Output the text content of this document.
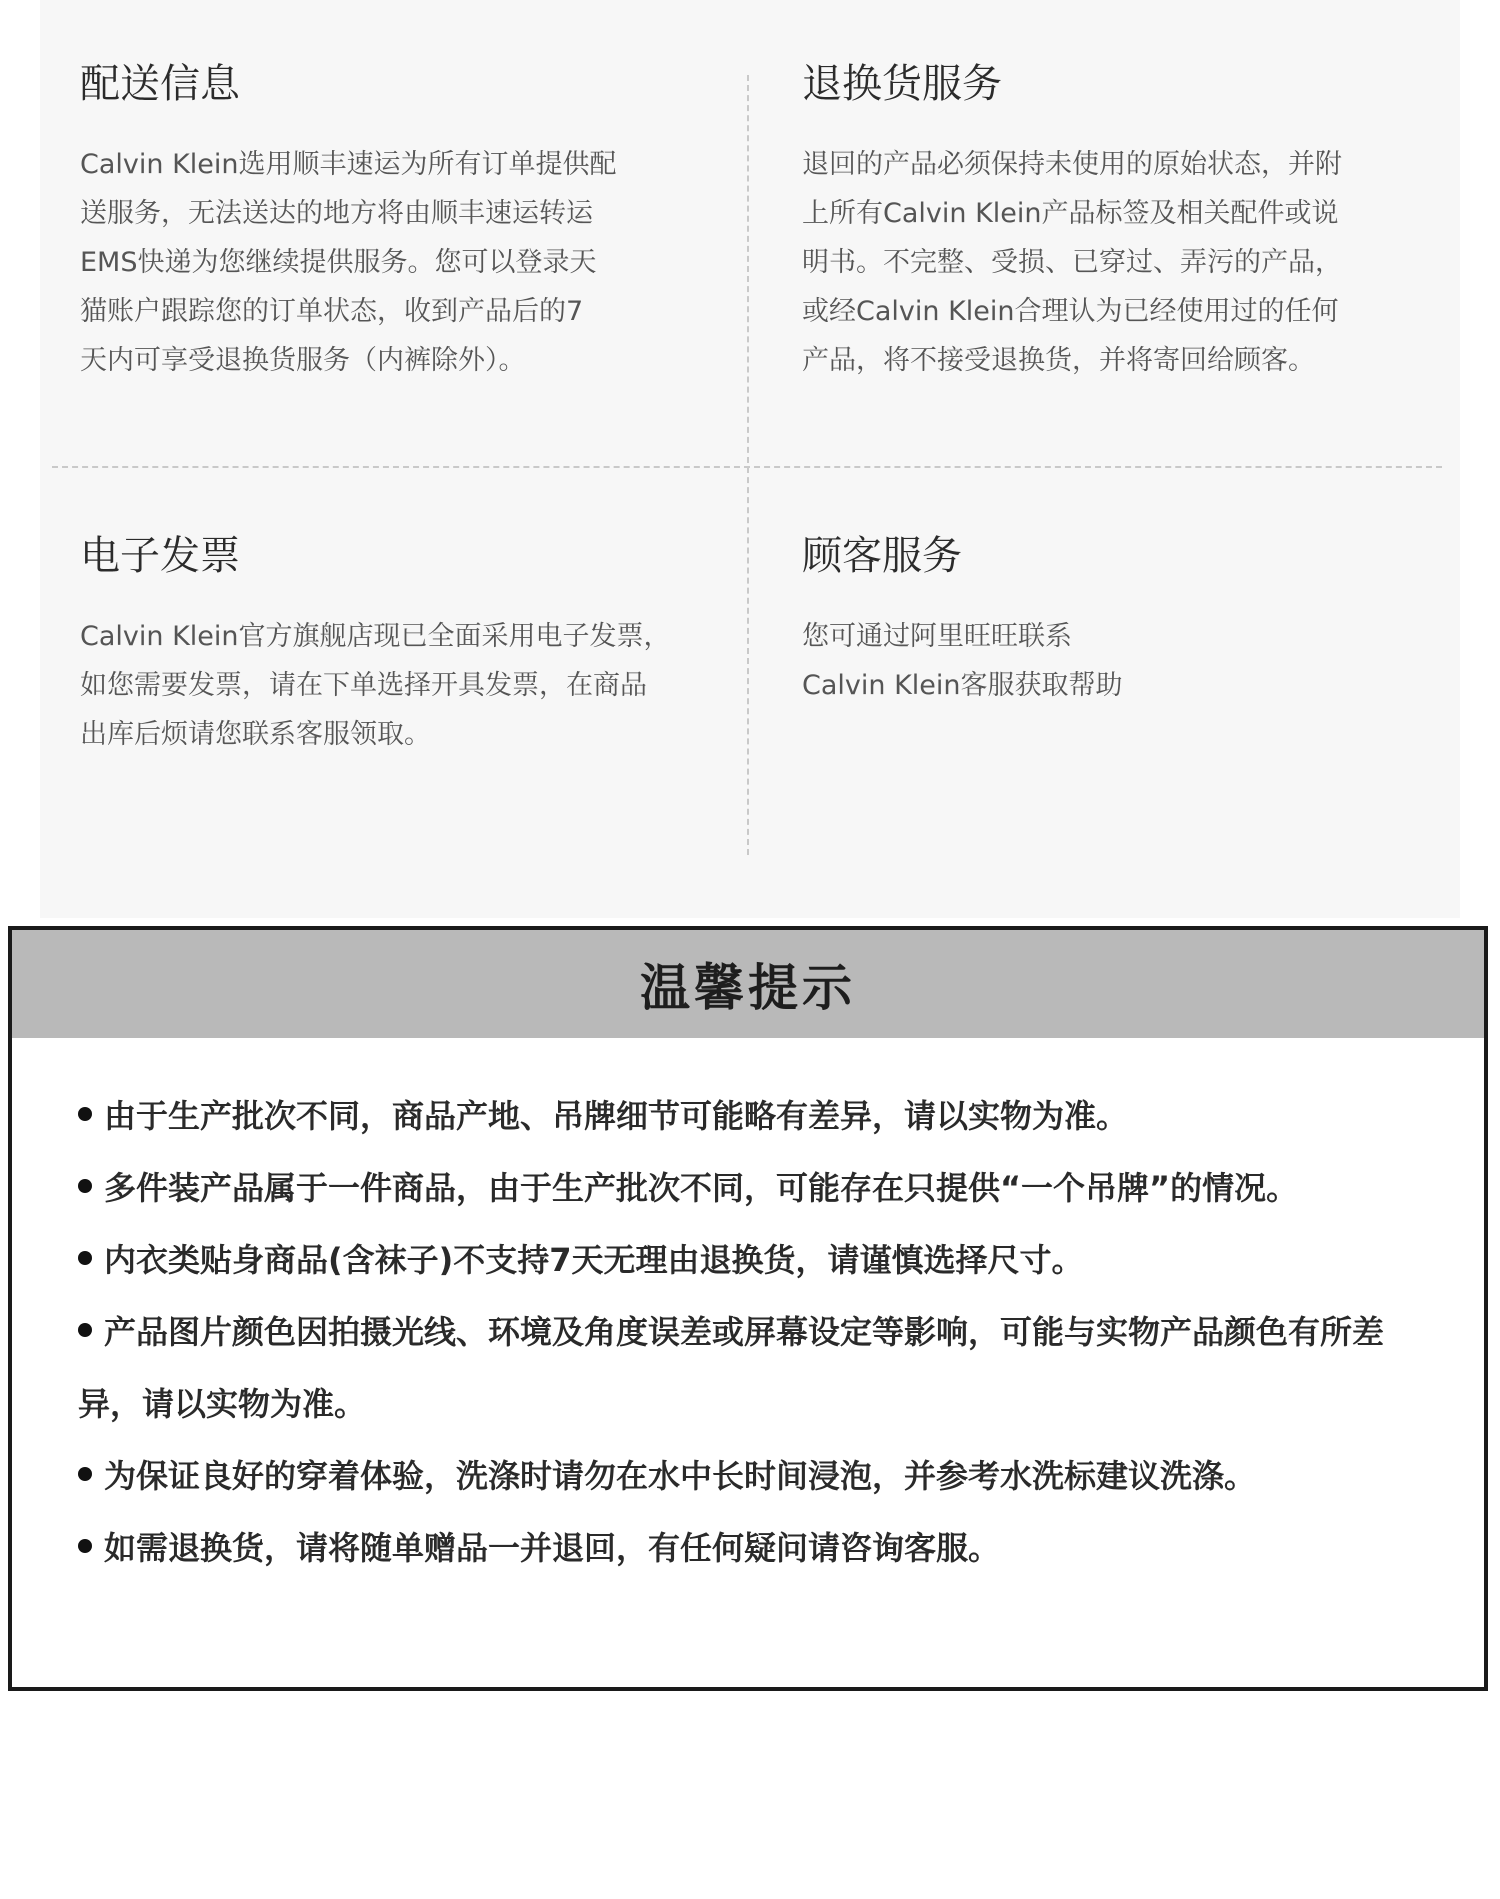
配送信息

Calvin Klein选用顺丰速运为所有订单提供配
送服务，无法送达的地方将由顺丰速运转运
EMS快递为您继续提供服务。您可以登录天
猫账户跟踪您的订单状态，收到产品后的7
天内可享受退换货服务（内裤除外）。

退换货服务

退回的产品必须保持未使用的原始状态，并附
上所有Calvin Klein产品标签及相关配件或说
明书。不完整、受损、已穿过、弄污的产品，
或经Calvin Klein合理认为已经使用过的任何
产品，将不接受退换货，并将寄回给顾客。

电子发票

Calvin Klein官方旗舰店现已全面采用电子发票，
如您需要发票，请在下单选择开具发票，在商品
出库后烦请您联系客服领取。

顾客服务

您可通过阿里旺旺联系
Calvin Klein客服获取帮助

温馨提示
由于生产批次不同，商品产地、吊牌细节可能略有差异，请以实物为准。
多件装产品属于一件商品，由于生产批次不同，可能存在只提供“一个吊牌”的情况。
内衣类贴身商品(含袜子)不支持7天无理由退换货，请谨慎选择尺寸。
产品图片颜色因拍摄光线、环境及角度误差或屏幕设定等影响，可能与实物产品颜色有所差异，请以实物为准。
为保证良好的穿着体验，洗涤时请勿在水中长时间浸泡，并参考水洗标建议洗涤。
如需退换货，请将随单赠品一并退回，有任何疑问请咨询客服。
